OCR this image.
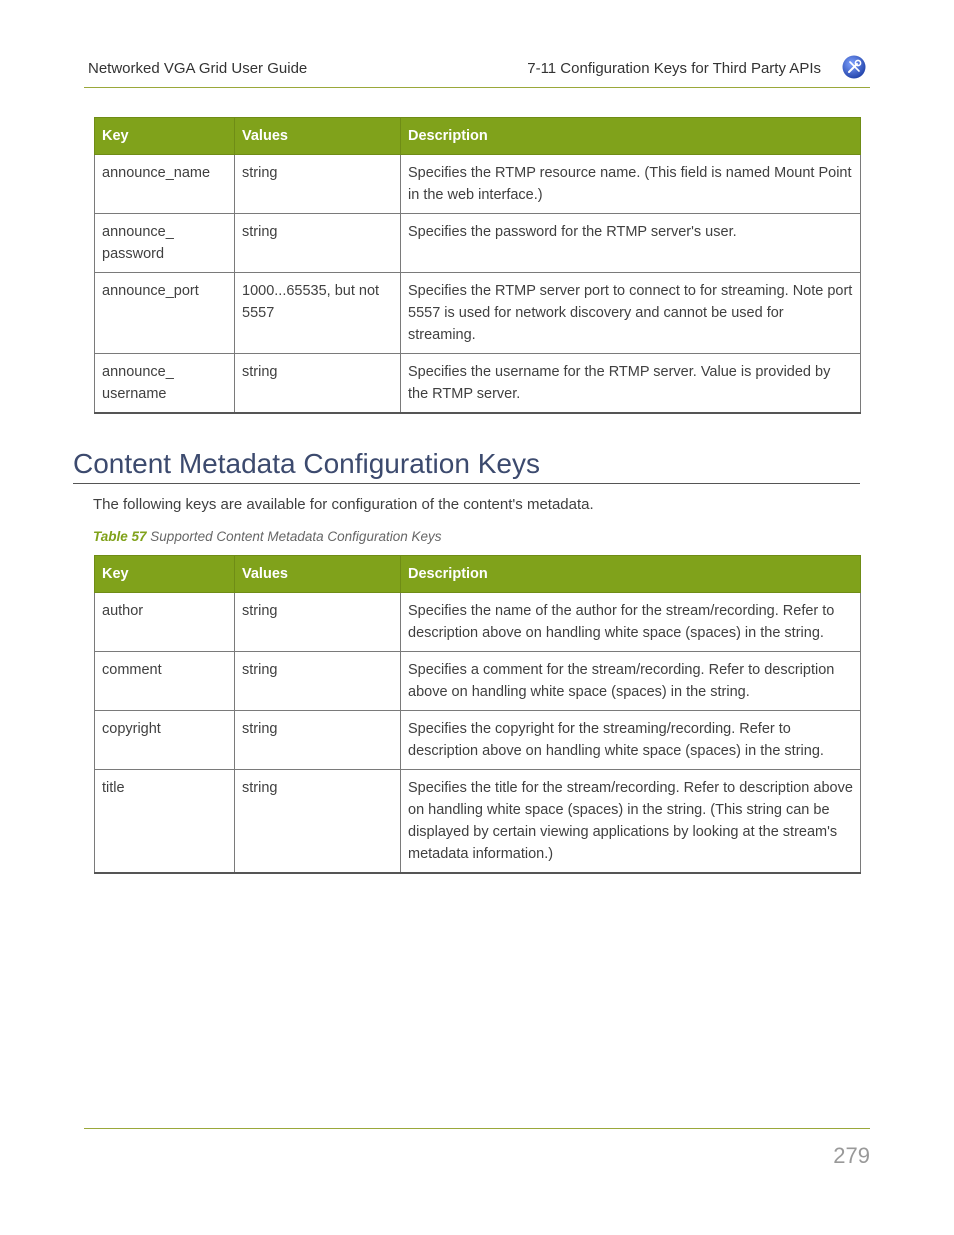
Networked VGA Grid User Guide	7-11 Configuration Keys for Third Party APIs
Key	Values	Description
announce_name	string	Specifies the RTMP resource name. (This field is named Mount Point in the web interface.)
announce_ password	string	Specifies the password for the RTMP server's user.
announce_port	1000...65535, but not 5557	Specifies the RTMP server port to connect to for streaming. Note port 5557 is used for network discovery and cannot be used for streaming.
announce_ username	string	Specifies the username for the RTMP server. Value is provided by the RTMP server.
Content Metadata Configuration Keys
The following keys are available for configuration of the content's metadata.
Table 57 Supported Content Metadata Configuration Keys
Key	Values	Description
author	string	Specifies the name of the author for the stream/recording. Refer to description above on handling white space (spaces) in the string.
comment	string	Specifies a comment for the stream/recording. Refer to description above on handling white space (spaces) in the string.
copyright	string	Specifies the copyright for the streaming/recording. Refer to description above on handling white space (spaces) in the string.
title	string	Specifies the title for the stream/recording. Refer to description above on handling white space (spaces) in the string. (This string can be displayed by certain viewing applications by looking at the stream's metadata information.)
279
